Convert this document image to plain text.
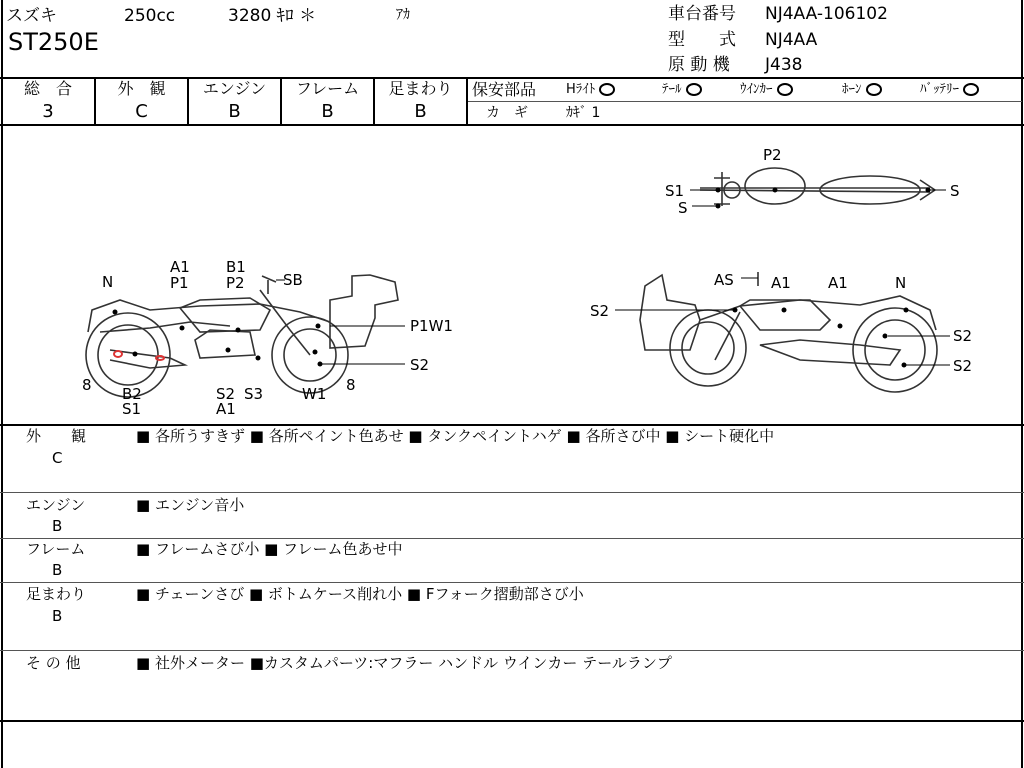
スズキ	250cc	3280 ｷﾛ ＊	ｱｶ
ST250E
車台番号 NJ4AA-106102
型　　式 NJ4AA
原 動 機 J438
総　合
3
外　観
C
エンジン
B
フレーム
B
足まわり
B
保安部品 Hﾗｲﾄ	ﾃｰﾙ	ｳｲﾝｶｰ	ﾎｰﾝ	ﾊﾞｯﾃﾘｰ
カ　ギ	ｶｷﾞ 1
N
A1
P1
B1
P2	SB
P1W1
S2
8 B2
S1
S2 S3
A1
W1 8
S2
AS A1 A1	N
S2
S2
P2
S1
S
S
外　　観
C
■ 各所うすきず ■ 各所ペイント色あせ ■ タンクペイントハゲ ■ 各所さび中 ■ シート硬化中
エンジン
B
■ エンジン音小
フレーム
B
■ フレームさび小 ■ フレーム色あせ中
足まわり
B
■ チェーンさび ■ ボトムケース削れ小 ■ Fフォーク摺動部さび小
そ の 他	■ 社外メーター ■カスタムパーツ:マフラー ハンドル ウインカー テールランプ
